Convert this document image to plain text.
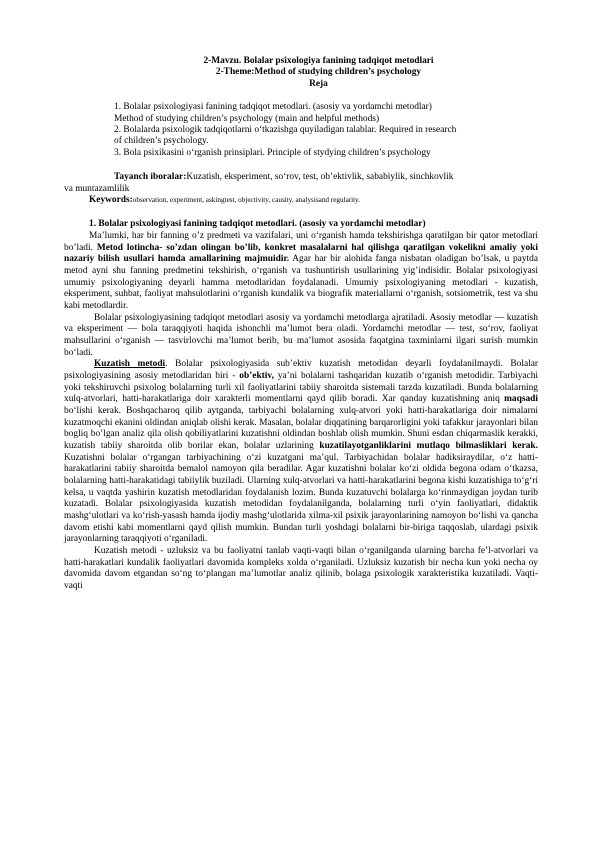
2-Mavzu. Bolalar psixologiya fanining tadqiqot metodlari

2-Theme:Method of studying children’s psychology

Reja

1. Bolalar psixologiyasi fanining tadqiqot metodlari. (asosiy va yordamchi metodlar)

Method of studying children’s psychology (main and helpful methods)

2. Bolalarda psixologik tadqiqotlarni o‘tkazishga quyiladigan talablar. Required in research

of children’s psychology.

3. Bola psixikasini o‘rganish prinsiplari. Principle of stydying children’s psychology

Tayanch iboralar:Kuzatish, eksperiment, so‘rov, test, ob’ektivlik, sababiylik, sinchkovlik

va muntazamlilik

Keywords:observation, experiment, askingtest, objectivity, causity, analysisand regularity.

1. Bolalar psixologiyasi fanining tadqiqot metodlari. (asosiy va yordamchi metodlar)

Ma’lumki, har bir fanning o’z predmeti va vazifalari, uni o‘rganish hamda tekshirishga qaratilgan bir qator metodlari bo’ladi. Metod lotincha- so’zdan olingan bo’lib, konkret masalalarni hal qilishga qaratilgan vokelikni amaliy yoki nazariy bilish usullari hamda amallarining majmuidir. Agar har bir alohida fanga nisbatan oladigan bo’lsak, u paytda metod ayni shu fanning predmetini tekshirish, o‘rganish va tushuntirish usullarining yig’indisidir. Bolalar psixologiyasi umumiy psixologiyaning deyarli hamma metodlaridan foydalanadi. Umumiy psixologiyaning metodlari - kuzatish, eksperiment, suhbat, faoliyat mahsulotlarini o‘rganish kundalik va biografik materiallarni o‘rganish, sotsiometrik, test va shu kabi metodlardir.

Bolalar psixologiyasining tadqiqot metodlari asosiy va yordamchi metodlarga ajratiladi. Asosiy metodlar — kuzatish va eksperiment — bola taraqqiyoti haqida ishonchli ma’lumot bera oladi. Yordamchi metodlar — test, so‘rov, faoliyat mahsullarini o‘rganish — tasvirlovchi ma’lumot berib, bu ma’lumot asosida faqatgina taxminlarni ilgari surish mumkin bo‘ladi.

Kuzatish metodi. Bolalar psixologiyasida sub’ektiv kuzatish metodidan deyarli foydalanilmaydi. Bolalar psixologiyasining asosiy metodlaridan biri - ob’ektiv, ya’ni bolalarni tashqaridan kuzatib o‘rganish metodidir. Tarbiyachi yoki tekshiruvchi psixolog bolalarning turli xil faoliyatlarini tabiiy sharoitda sistemali tarzda kuzatiladi. Bunda bolalarning xulq-atvorlari, hatti-harakatlariga doir xarakterli momentlarni qayd qilib boradi. Xar qanday kuzatishning aniq maqsadi bo‘lishi kerak. Boshqacharoq qilib aytganda, tarbiyachi bolalarning xulq-atvori yoki hatti-harakatlariga doir nimalarni kuzatmoqchi ekanini oldindan aniqlab olishi kerak. Masalan, bolalar diqqatining barqarorligini yoki tafakkur jarayonlari bilan bogliq bo’lgan analiz qila olish qobiliyatlarini kuzatishni oldindan boshlab olish mumkin. Shuni esdan chiqarmaslik kerakki, kuzatish tabiiy sharoitda olib borilar ekan, bolalar uzlarining kuzatilayotganliklarini mutlaqo bilmasliklari kerak. Kuzatishni bolalar o‘rgangan tarbiyachining o‘zi kuzatgani ma’qul. Tarbiyachidan bolalar hadiksiraydilar, o‘z hatti-harakatlarini tabiiy sharoitda bemalol namoyon qila beradilar. Agar kuzatishni bolalar ko‘zi oldida begona odam o‘tkazsa, bolalarning hatti-harakatidagi tabiiylik buziladi. Ularning xulq-atvorlari va hatti-harakatlarini begona kishi kuzatishiga to‘g‘ri kelsa, u vaqtda yashirin kuzatish metodlaridan foydalanish lozim. Bunda kuzatuvchi bolalarga ko‘rinmaydigan joydan turib kuzatadi. Bolalar psixologiyasida kuzatish metodidan foydalanilganda, bolalarning turli o‘yin faoliyatlari, didaktik mashg‘ulotlari va ko‘rish-yasash hamda ijodiy mashg‘ulotlarida xilma-xil psixik jarayonlarining namoyon bo‘lishi va qancha davom etishi kabi momentlarni qayd qilish mumkin. Bundan turli yoshdagi bolalarni bir-biriga taqqoslab, ulardagi psixik jarayonlarning taraqqiyoti o‘rganiladi.

Kuzatish metodi - uzluksiz va bu faoliyatni tanlab vaqti-vaqti bilan o‘rganilganda ularning barcha fe’l-atvorlari va hatti-harakatlari kundalik faoliyatlari davomida kompleks xolda o‘rganiladi. Uzluksiz kuzatish bir necha kun yoki necha oy davomida davom etgandan so‘ng to‘plangan ma’lumotlar analiz qilinib, bolaga psixologik xarakteristika kuzatiladi. Vaqti-vaqti
